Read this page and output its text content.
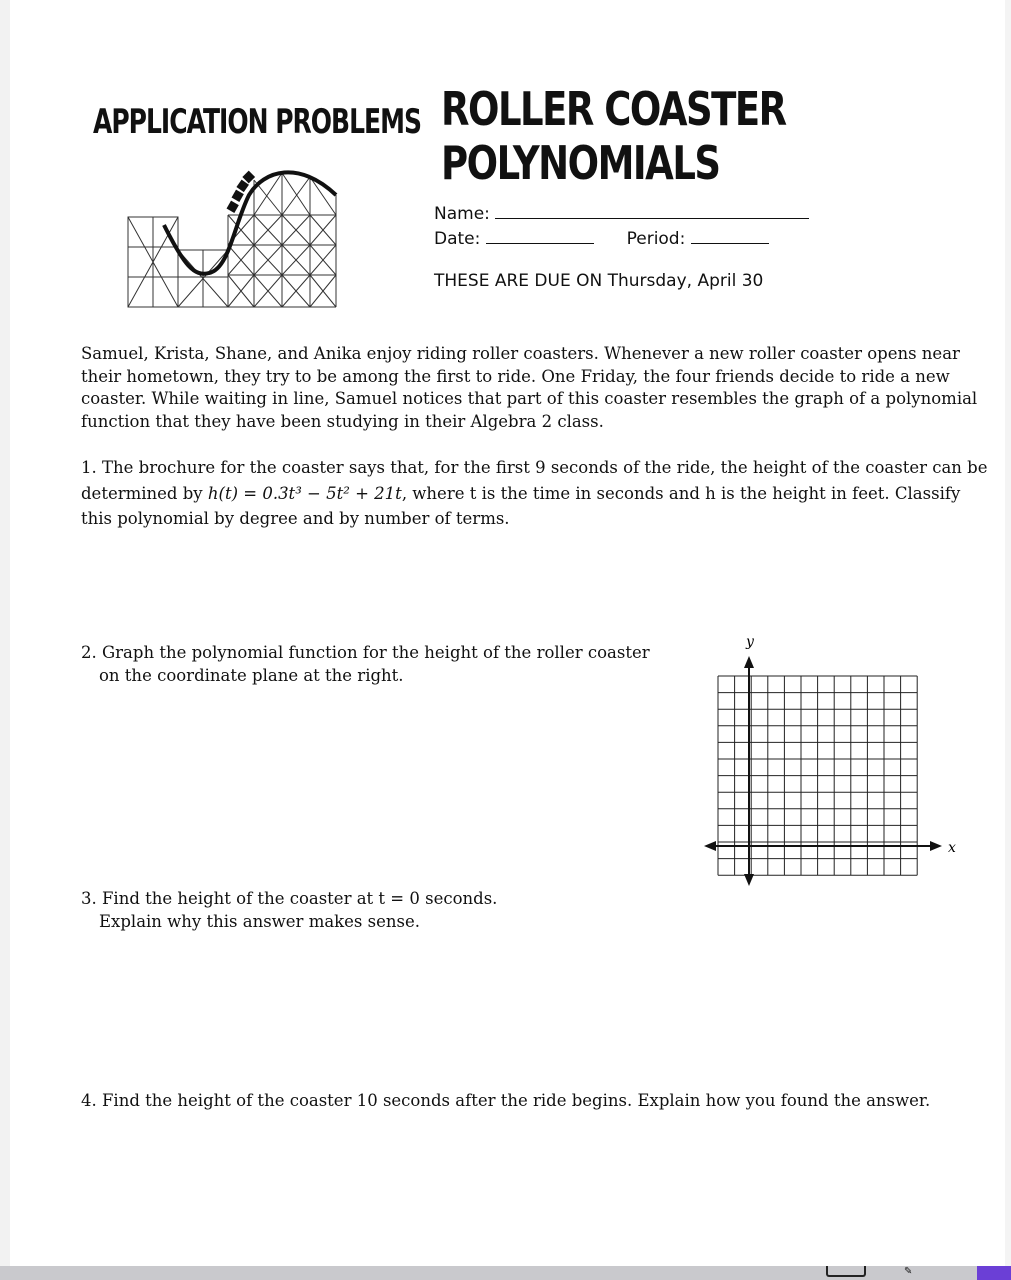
APPLICATION PROBLEMS ROLLER COASTER POLYNOMIALS
Name:
Date:	Period:
THESE ARE DUE ON Thursday, April 30
Samuel, Krista, Shane, and Anika enjoy riding roller coasters. Whenever a new roller coaster opens near
their hometown, they try to be among the first to ride. One Friday, the four friends decide to ride a new
coaster. While waiting in line, Samuel notices that part of this coaster resembles the graph of a polynomial
function that they have been studying in their Algebra 2 class.
1. The brochure for the coaster says that, for the first 9 seconds of the ride, the height of the coaster can be
determined by h(t) = 0.3t³ − 5t² + 21t, where t is the time in seconds and h is the height in feet. Classify
this polynomial by degree and by number of terms.
2. Graph the polynomial function for the height of the roller coaster
on the coordinate plane at the right.
y
x
3. Find the height of the coaster at t = 0 seconds.
Explain why this answer makes sense.
4. Find the height of the coaster 10 seconds after the ride begins. Explain how you found the answer.
✎
